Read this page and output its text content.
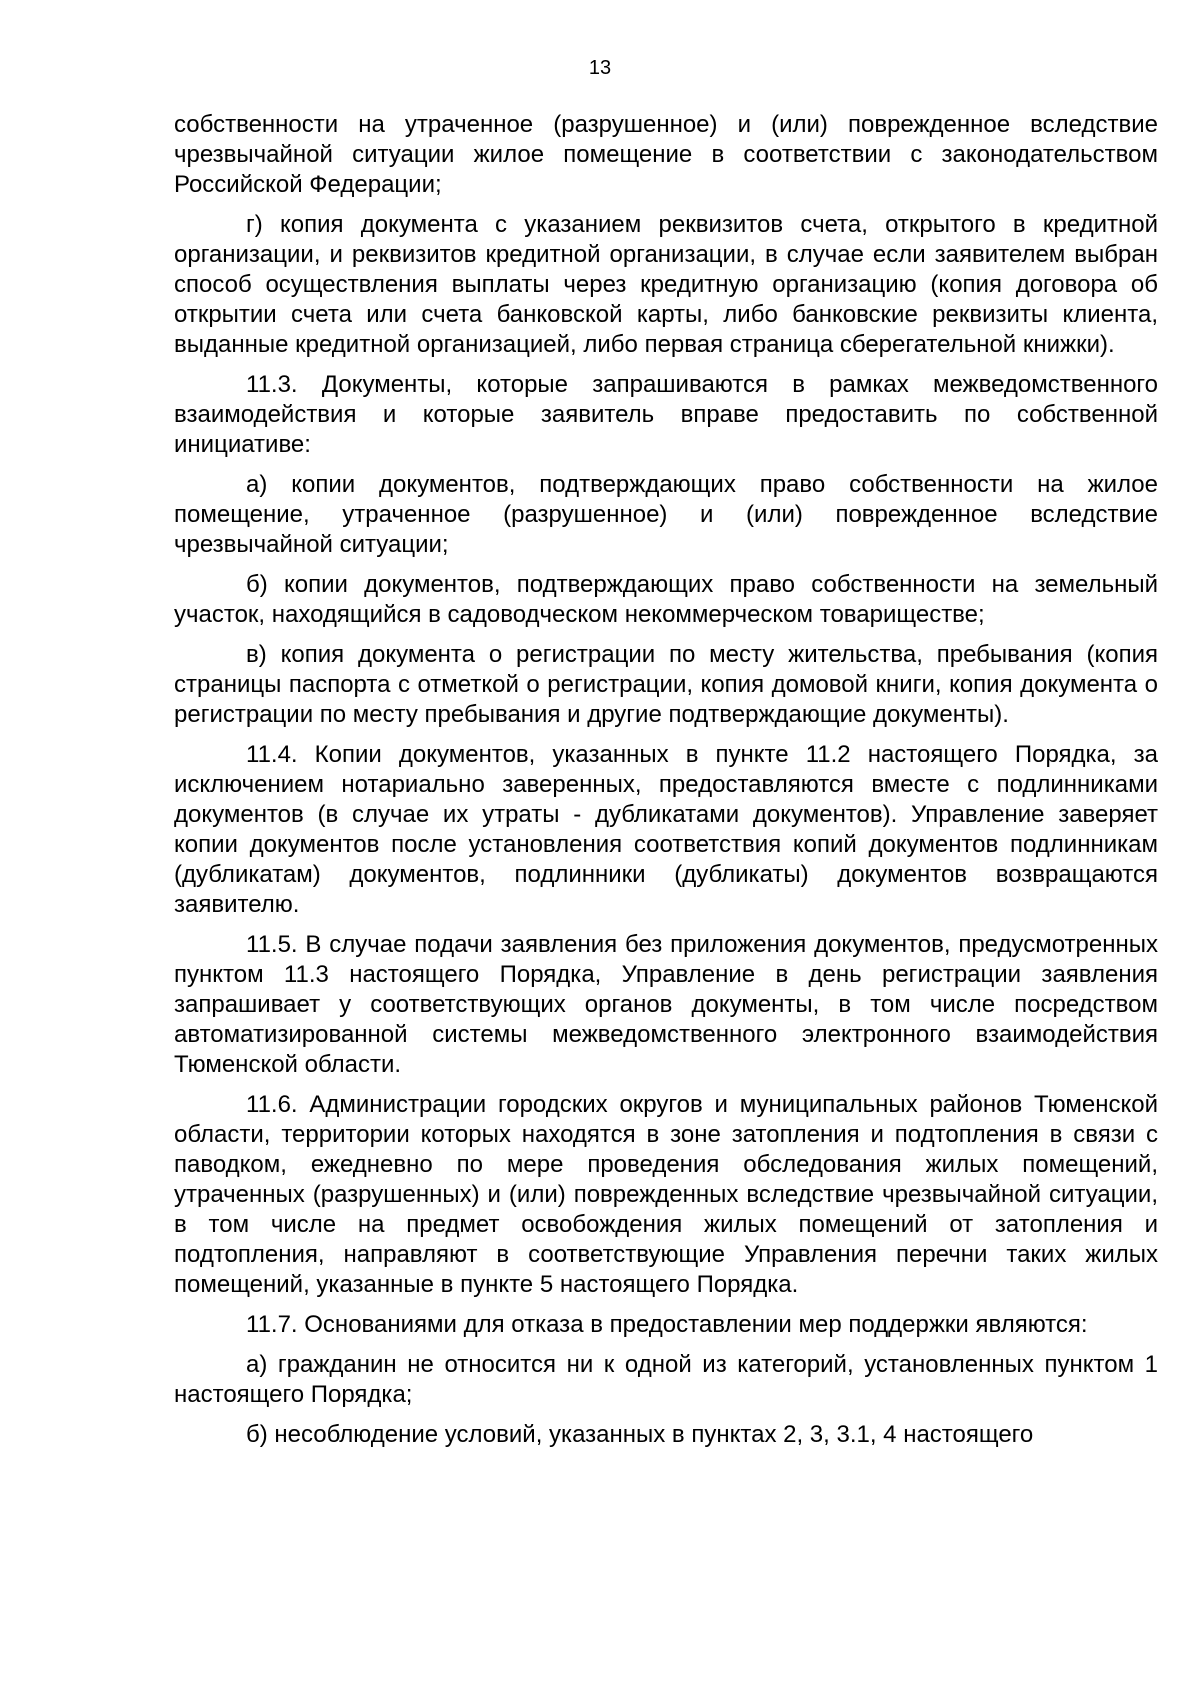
13

собственности на утраченное (разрушенное) и (или) поврежденное вследствие чрезвычайной ситуации жилое помещение в соответствии с законодательством Российской Федерации;

г) копия документа с указанием реквизитов счета, открытого в кредитной организации, и реквизитов кредитной организации, в случае если заявителем выбран способ осуществления выплаты через кредитную организацию (копия договора об открытии счета или счета банковской карты, либо банковские реквизиты клиента, выданные кредитной организацией, либо первая страница сберегательной книжки).

11.3. Документы, которые запрашиваются в рамках межведомственного взаимодействия и которые заявитель вправе предоставить по собственной инициативе:

а) копии документов, подтверждающих право собственности на жилое помещение, утраченное (разрушенное) и (или) поврежденное вследствие чрезвычайной ситуации;

б) копии документов, подтверждающих право собственности на земельный участок, находящийся в садоводческом некоммерческом товариществе;

в) копия документа о регистрации по месту жительства, пребывания (копия страницы паспорта с отметкой о регистрации, копия домовой книги, копия документа о регистрации по месту пребывания и другие подтверждающие документы).

11.4. Копии документов, указанных в пункте 11.2 настоящего Порядка, за исключением нотариально заверенных, предоставляются вместе с подлинниками документов (в случае их утраты - дубликатами документов). Управление заверяет копии документов после установления соответствия копий документов подлинникам (дубликатам) документов, подлинники (дубликаты) документов возвращаются заявителю.

11.5. В случае подачи заявления без приложения документов, предусмотренных пунктом 11.3 настоящего Порядка, Управление в день регистрации заявления запрашивает у соответствующих органов документы, в том числе посредством автоматизированной системы межведомственного электронного взаимодействия Тюменской области.

11.6. Администрации городских округов и муниципальных районов Тюменской области, территории которых находятся в зоне затопления и подтопления в связи с паводком, ежедневно по мере проведения обследования жилых помещений, утраченных (разрушенных) и (или) поврежденных вследствие чрезвычайной ситуации, в том числе на предмет освобождения жилых помещений от затопления и подтопления, направляют в соответствующие Управления перечни таких жилых помещений, указанные в пункте 5 настоящего Порядка.

11.7. Основаниями для отказа в предоставлении мер поддержки являются:

а) гражданин не относится ни к одной из категорий, установленных пунктом 1 настоящего Порядка;

б) несоблюдение условий, указанных в пунктах 2, 3, 3.1, 4 настоящего
